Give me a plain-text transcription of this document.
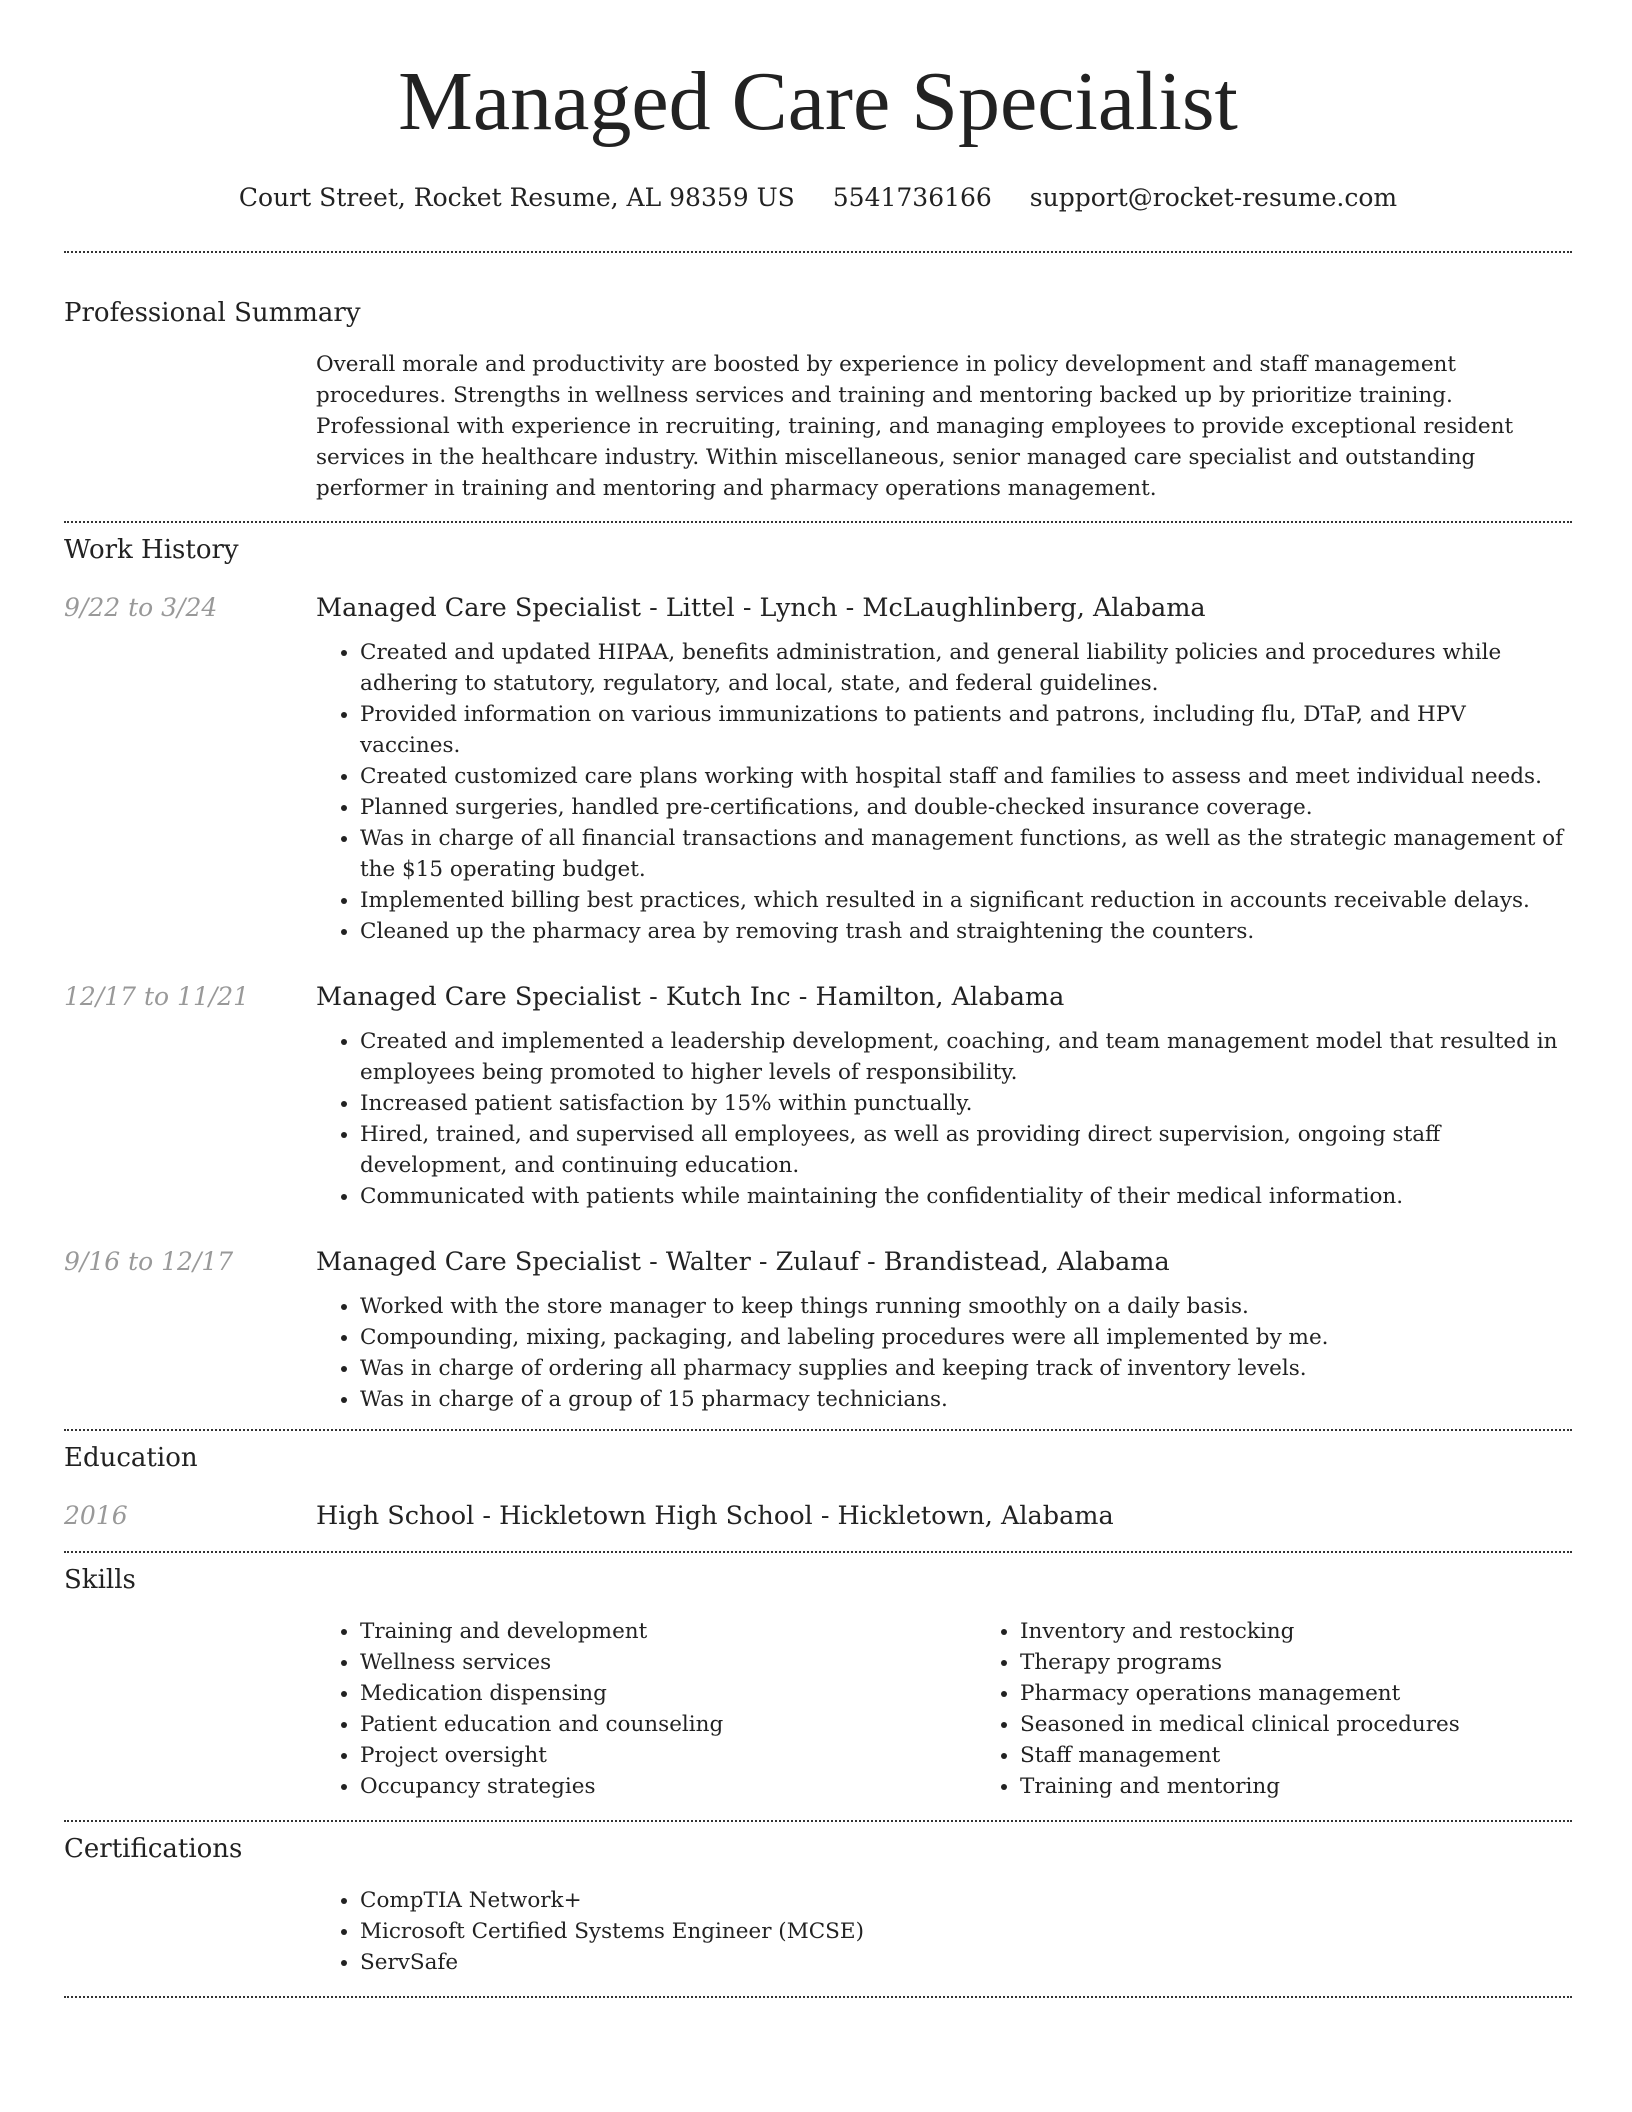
Managed Care Specialist
Court Street, Rocket Resume, AL 98359 US 5541736166 support@rocket-resume.com
Professional Summary
Overall morale and productivity are boosted by experience in policy development and staff management procedures. Strengths in wellness services and training and mentoring backed up by prioritize training. Professional with experience in recruiting, training, and managing employees to provide exceptional resident services in the healthcare industry. Within miscellaneous, senior managed care specialist and outstanding performer in training and mentoring and pharmacy operations management.
Work History
9/22 to 3/24	Managed Care Specialist - Littel - Lynch - McLaughlinberg, Alabama
• Created and updated HIPAA, benefits administration, and general liability policies and procedures while adhering to statutory, regulatory, and local, state, and federal guidelines.
• Provided information on various immunizations to patients and patrons, including flu, DTaP, and HPV vaccines.
• Created customized care plans working with hospital staff and families to assess and meet individual needs.
• Planned surgeries, handled pre-certifications, and double-checked insurance coverage.
• Was in charge of all financial transactions and management functions, as well as the strategic management of the $15 operating budget.
• Implemented billing best practices, which resulted in a significant reduction in accounts receivable delays.
• Cleaned up the pharmacy area by removing trash and straightening the counters.
12/17 to 11/21	Managed Care Specialist - Kutch Inc - Hamilton, Alabama
• Created and implemented a leadership development, coaching, and team management model that resulted in employees being promoted to higher levels of responsibility.
• Increased patient satisfaction by 15% within punctually.
• Hired, trained, and supervised all employees, as well as providing direct supervision, ongoing staff development, and continuing education.
• Communicated with patients while maintaining the confidentiality of their medical information.
9/16 to 12/17	Managed Care Specialist - Walter - Zulauf - Brandistead, Alabama
• Worked with the store manager to keep things running smoothly on a daily basis.
• Compounding, mixing, packaging, and labeling procedures were all implemented by me.
• Was in charge of ordering all pharmacy supplies and keeping track of inventory levels.
• Was in charge of a group of 15 pharmacy technicians.
Education
2016	High School - Hickletown High School - Hickletown, Alabama
Skills
• Training and development
• Wellness services
• Medication dispensing
• Patient education and counseling
• Project oversight
• Occupancy strategies
• Inventory and restocking
• Therapy programs
• Pharmacy operations management
• Seasoned in medical clinical procedures
• Staff management
• Training and mentoring
Certifications
• CompTIA Network+
• Microsoft Certified Systems Engineer (MCSE)
• ServSafe
